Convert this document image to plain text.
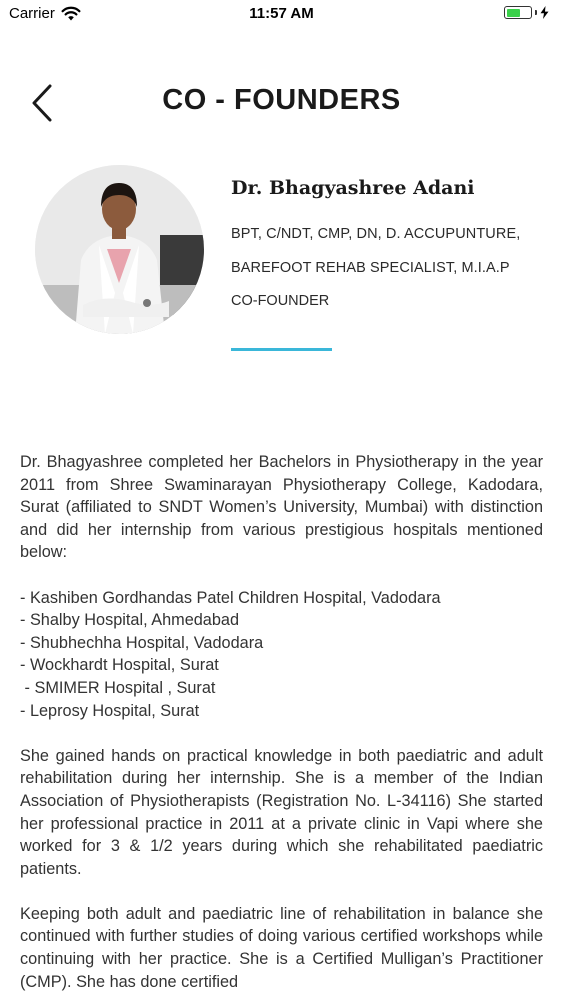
Carrier	11:57 AM
CO - FOUNDERS
Dr. Bhagyashree Adani
BPT, C/NDT, CMP, DN, D. ACCUPUNTURE,
BAREFOOT REHAB SPECIALIST, M.I.A.P
CO-FOUNDER

Dr. Bhagyashree completed her Bachelors in Physiotherapy in the year 2011 from Shree Swaminarayan Physiotherapy College, Kadodara, Surat (affiliated to SNDT Women’s University, Mumbai) with distinction and did her internship from various prestigious hospitals mentioned below:

- Kashiben Gordhandas Patel Children Hospital, Vadodara
- Shalby Hospital, Ahmedabad
- Shubhechha Hospital, Vadodara
- Wockhardt Hospital, Surat
- SMIMER Hospital , Surat
- Leprosy Hospital, Surat

She gained hands on practical knowledge in both paediatric and adult rehabilitation during her internship. She is a member of the Indian Association of Physiotherapists (Registration No. L-34116) She started her professional practice in 2011 at a private clinic in Vapi where she worked for 3 & 1/2 years during which she rehabilitated paediatric patients.

Keeping both adult and paediatric line of rehabilitation in balance she continued with further studies of doing various certified workshops while continuing with her practice. She is a Certified Mulligan’s Practitioner (CMP). She has done certified
